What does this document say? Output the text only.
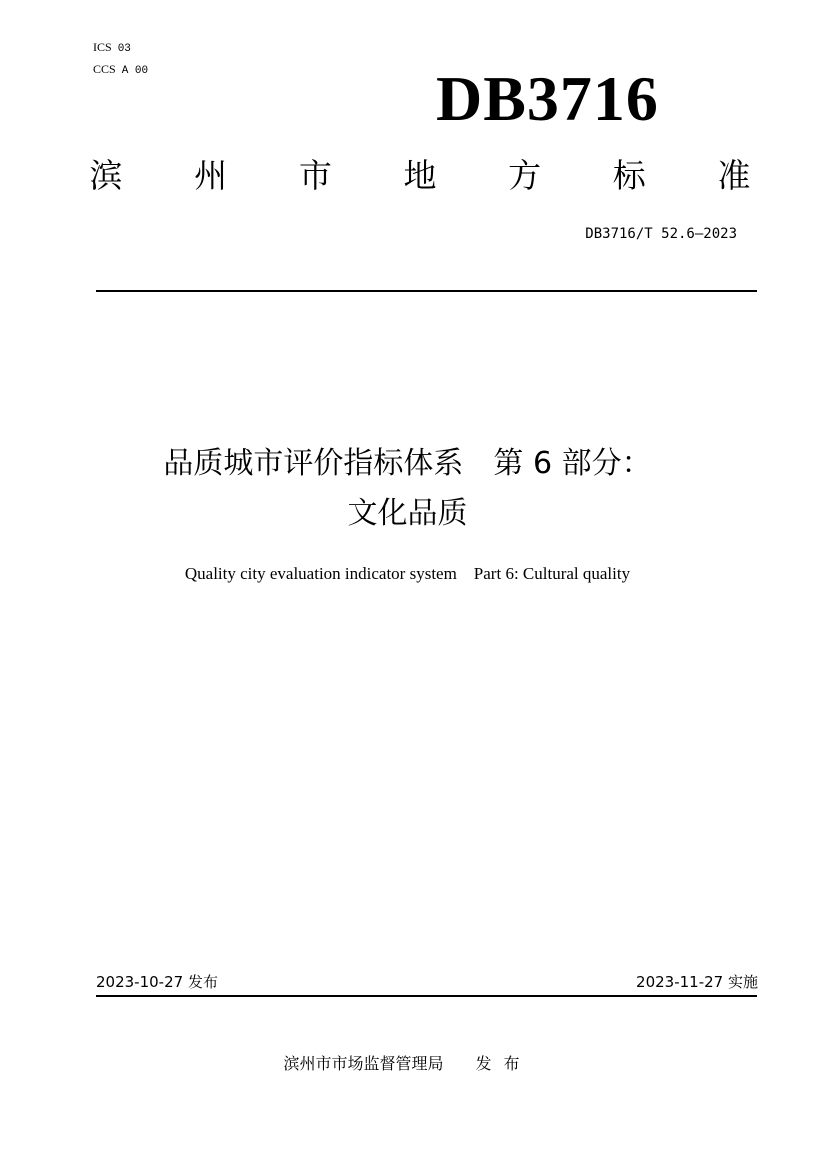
ICS 03
CCS A 00	DB3716
滨 州 市 地 方 标 准
DB3716/T 52.6—2023
品质城市评价指标体系　第 6 部分：
文化品质
Quality city evaluation indicator system　Part 6: Cultural quality
2023-10-27 发布	2023-11-27 实施
滨州市市场监督管理局 发布
